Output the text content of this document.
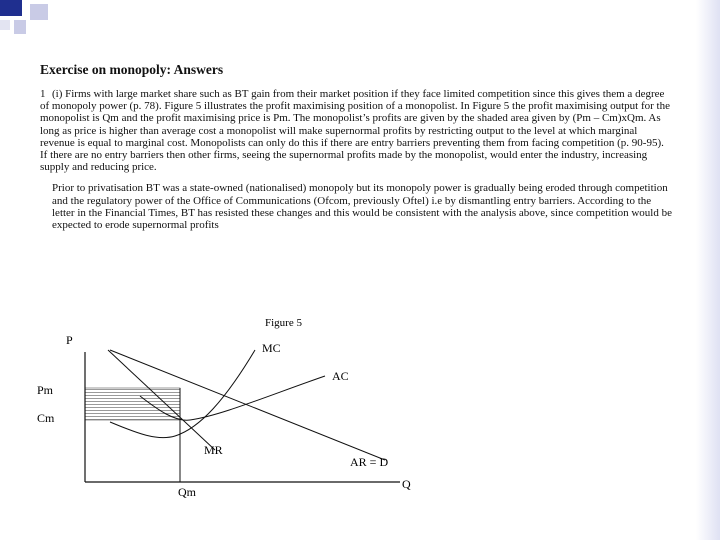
Exercise on monopoly: Answers
1 (i) Firms with large market share such as BT gain from their market position if they face limited competition since this gives them a degree of monopoly power (p. 78). Figure 5 illustrates the profit maximising position of a monopolist. In Figure 5 the profit maximising output for the monopolist is Qm and the profit maximising price is Pm. The monopolist’s profits are given by the shaded area given by (Pm – Cm)xQm. As long as price is higher than average cost a monopolist will make supernormal profits by restricting output to the level at which marginal revenue is equal to marginal cost. Monopolists can only do this if there are entry barriers preventing them from facing competition (p. 90-95). If there are no entry barriers then other firms, seeing the supernormal profits made by the monopolist, would enter the industry, increasing supply and reducing price.
Prior to privatisation BT was a state-owned (nationalised) monopoly but its monopoly power is gradually being eroded through competition and the regulatory power of the Office of Communications (Ofcom, previously Oftel) i.e by dismantling entry barriers. According to the letter in the Financial Times, BT has resisted these changes and this would be consistent with the analysis above, since competition would be expected to erode supernormal profits
Figure 5
P
Q
Pm
Cm
Qm
MC
AC
MR
AR = D
